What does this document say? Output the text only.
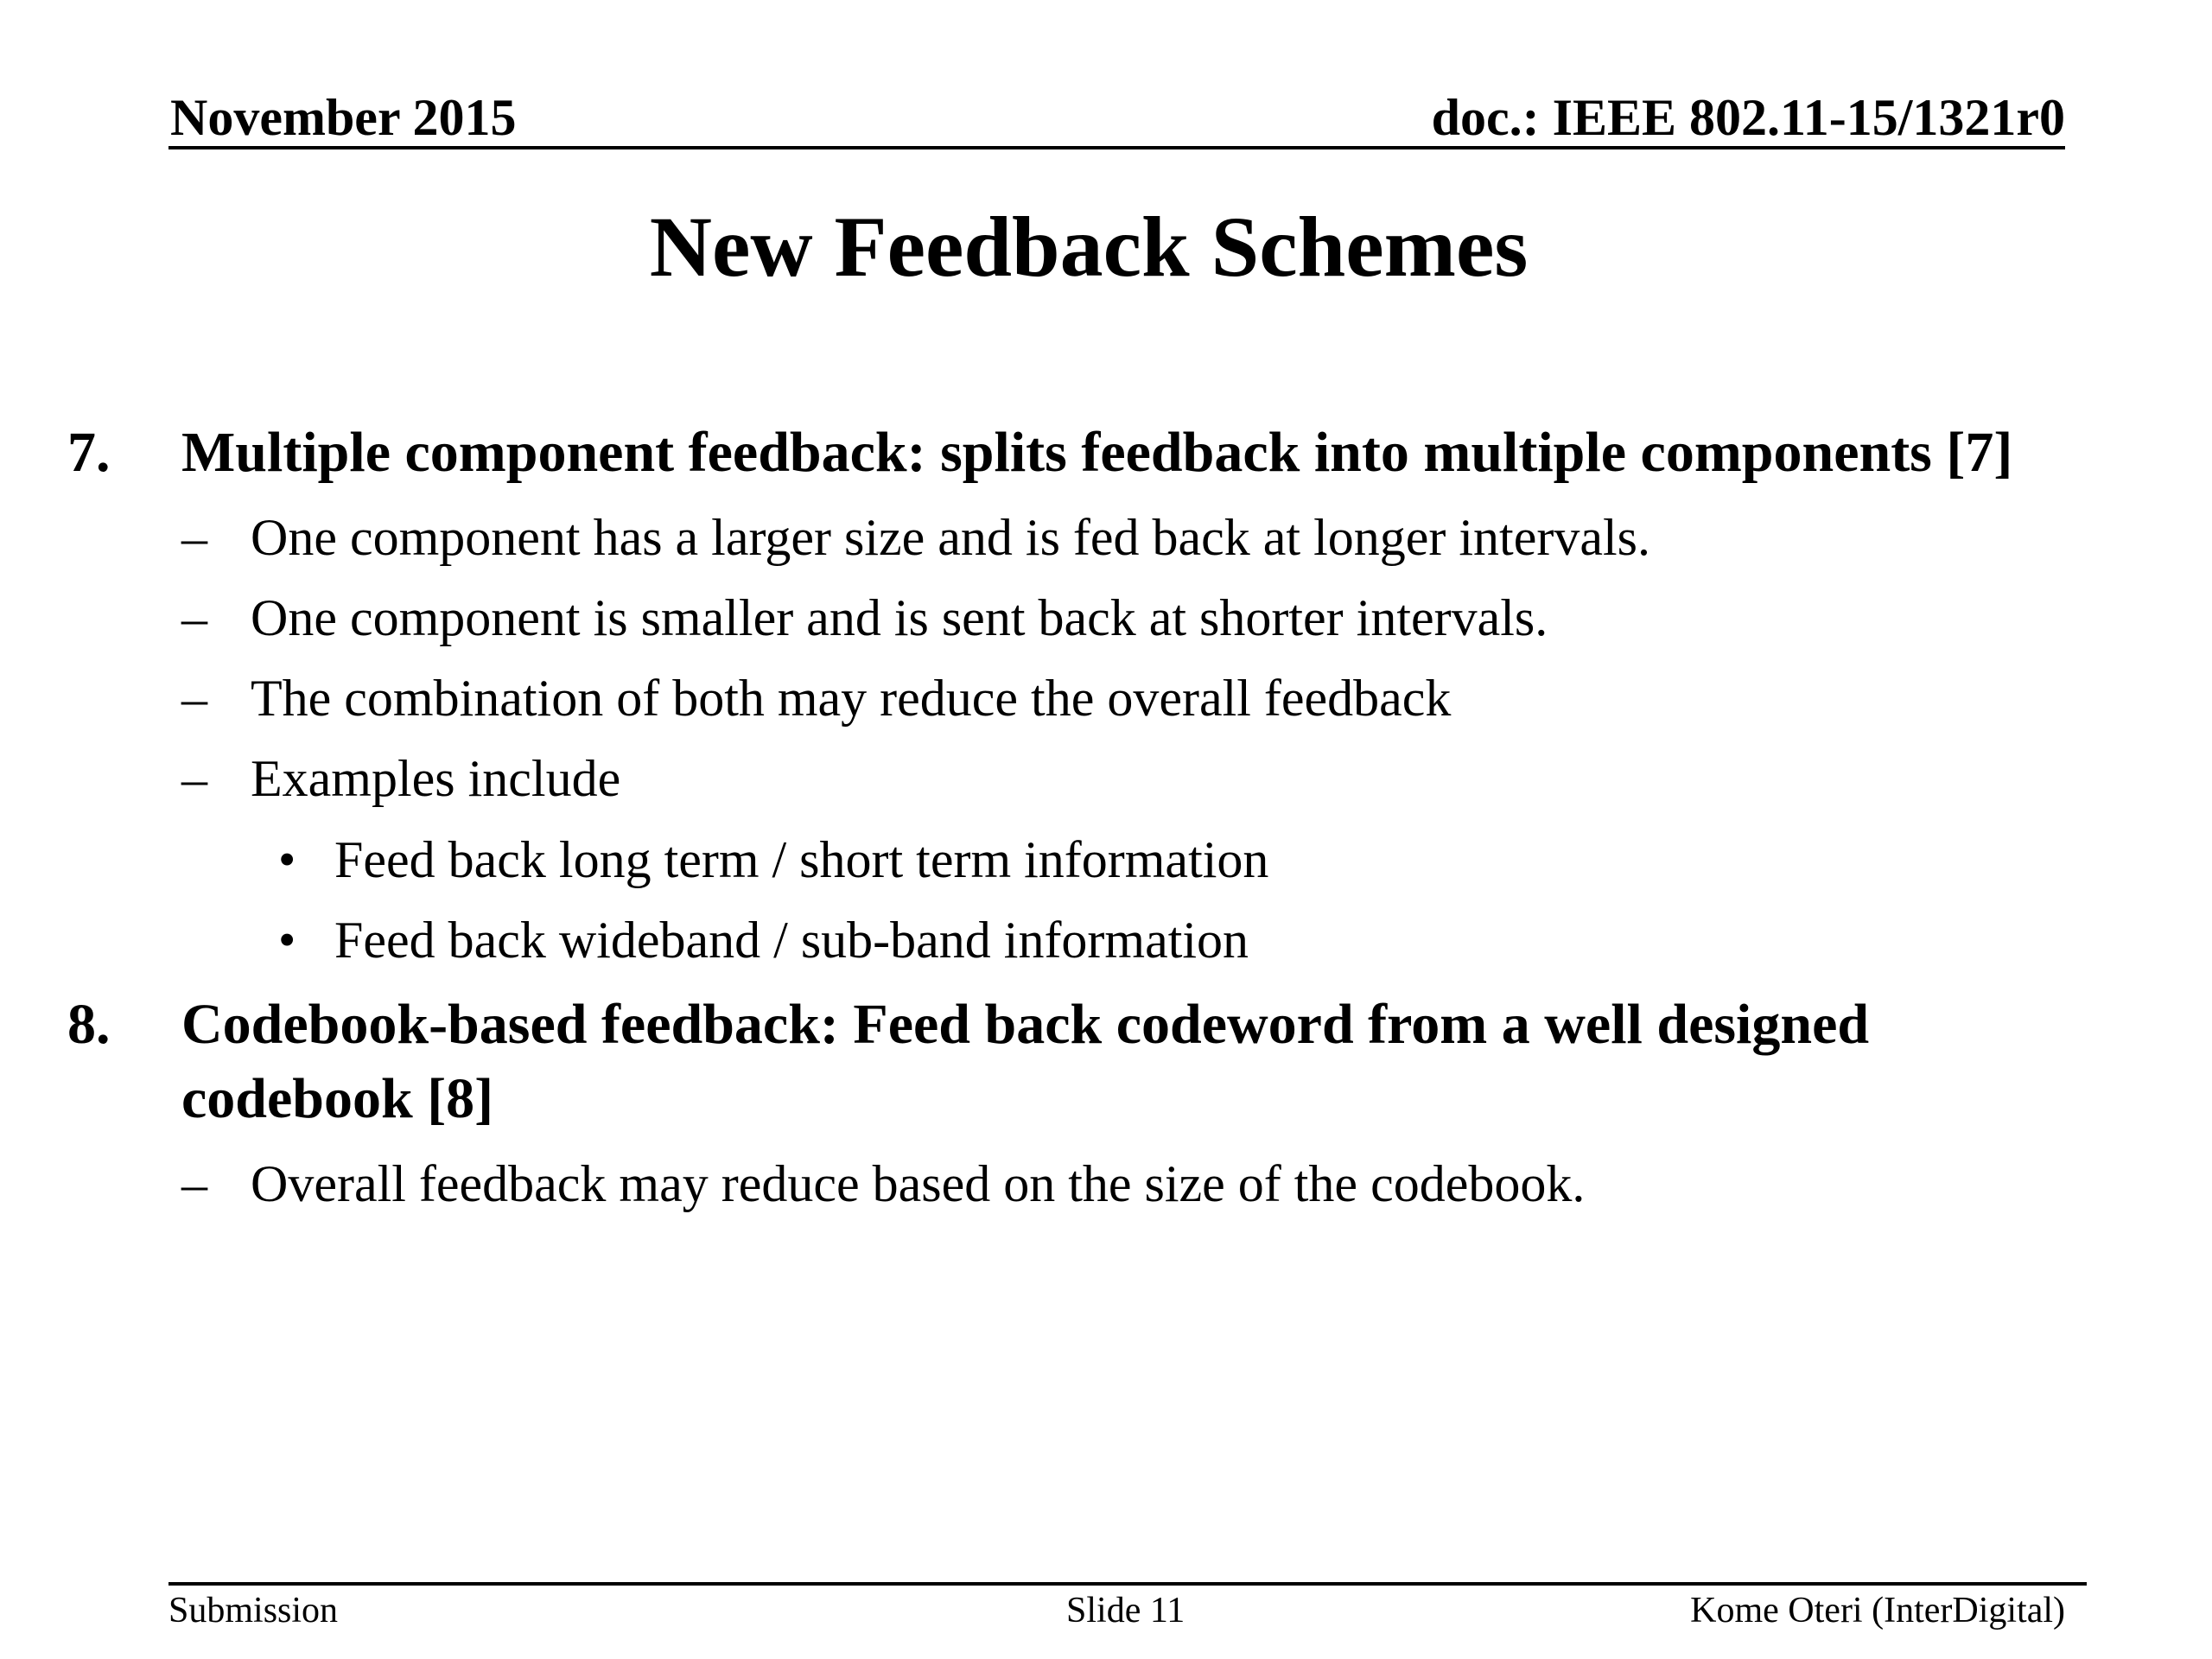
November 2015	doc.: IEEE 802.11-15/1321r0
New Feedback Schemes
7. Multiple component feedback: splits feedback into multiple components [7]
– One component has a larger size and is fed back at longer intervals.
– One component is smaller and is sent back at shorter intervals.
– The combination of both may reduce the overall feedback
– Examples include
• Feed back long term / short term information
• Feed back wideband / sub-band information
8. Codebook-based feedback: Feed back codeword from a well designed
codebook [8]
– Overall feedback may reduce based on the size of the codebook.
Submission	Slide 11	Kome Oteri (InterDigital)
